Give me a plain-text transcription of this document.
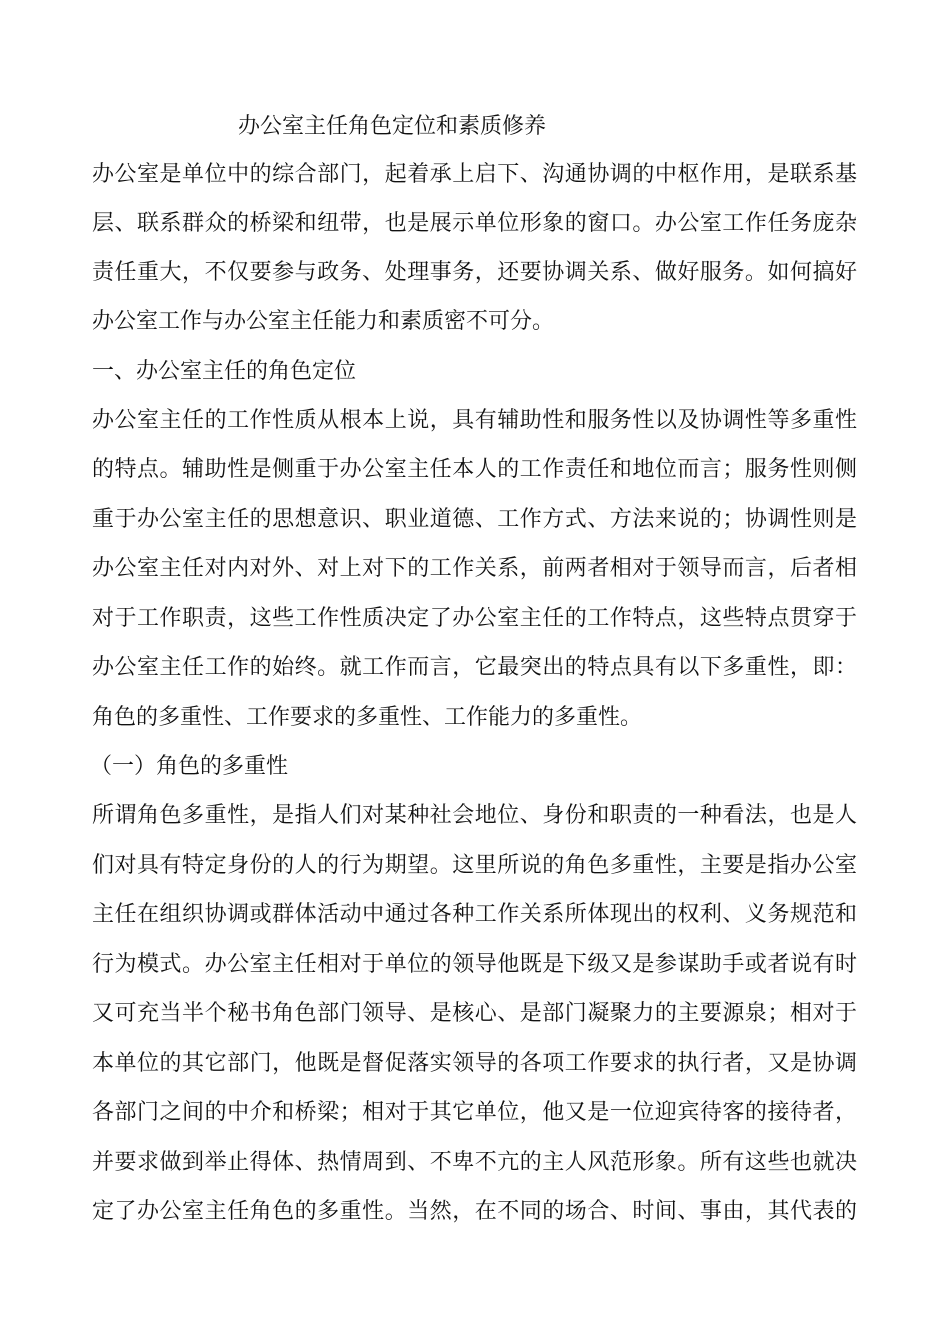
办公室主任角色定位和素质修养
办公室是单位中的综合部门，起着承上启下、沟通协调的中枢作用，是联系基
层、联系群众的桥梁和纽带，也是展示单位形象的窗口。办公室工作任务庞杂
责任重大，不仅要参与政务、处理事务，还要协调关系、做好服务。如何搞好
办公室工作与办公室主任能力和素质密不可分。
一、办公室主任的角色定位
办公室主任的工作性质从根本上说，具有辅助性和服务性以及协调性等多重性
的特点。辅助性是侧重于办公室主任本人的工作责任和地位而言；服务性则侧
重于办公室主任的思想意识、职业道德、工作方式、方法来说的；协调性则是
办公室主任对内对外、对上对下的工作关系，前两者相对于领导而言，后者相
对于工作职责，这些工作性质决定了办公室主任的工作特点，这些特点贯穿于
办公室主任工作的始终。就工作而言，它最突出的特点具有以下多重性，即：
角色的多重性、工作要求的多重性、工作能力的多重性。
（一）角色的多重性
所谓角色多重性，是指人们对某种社会地位、身份和职责的一种看法，也是人
们对具有特定身份的人的行为期望。这里所说的角色多重性，主要是指办公室
主任在组织协调或群体活动中通过各种工作关系所体现出的权利、义务规范和
行为模式。办公室主任相对于单位的领导他既是下级又是参谋助手或者说有时
又可充当半个秘书角色部门领导、是核心、是部门凝聚力的主要源泉；相对于
本单位的其它部门，他既是督促落实领导的各项工作要求的执行者，又是协调
各部门之间的中介和桥梁；相对于其它单位，他又是一位迎宾待客的接待者，
并要求做到举止得体、热情周到、不卑不亢的主人风范形象。所有这些也就决
定了办公室主任角色的多重性。当然，在不同的场合、时间、事由，其代表的
